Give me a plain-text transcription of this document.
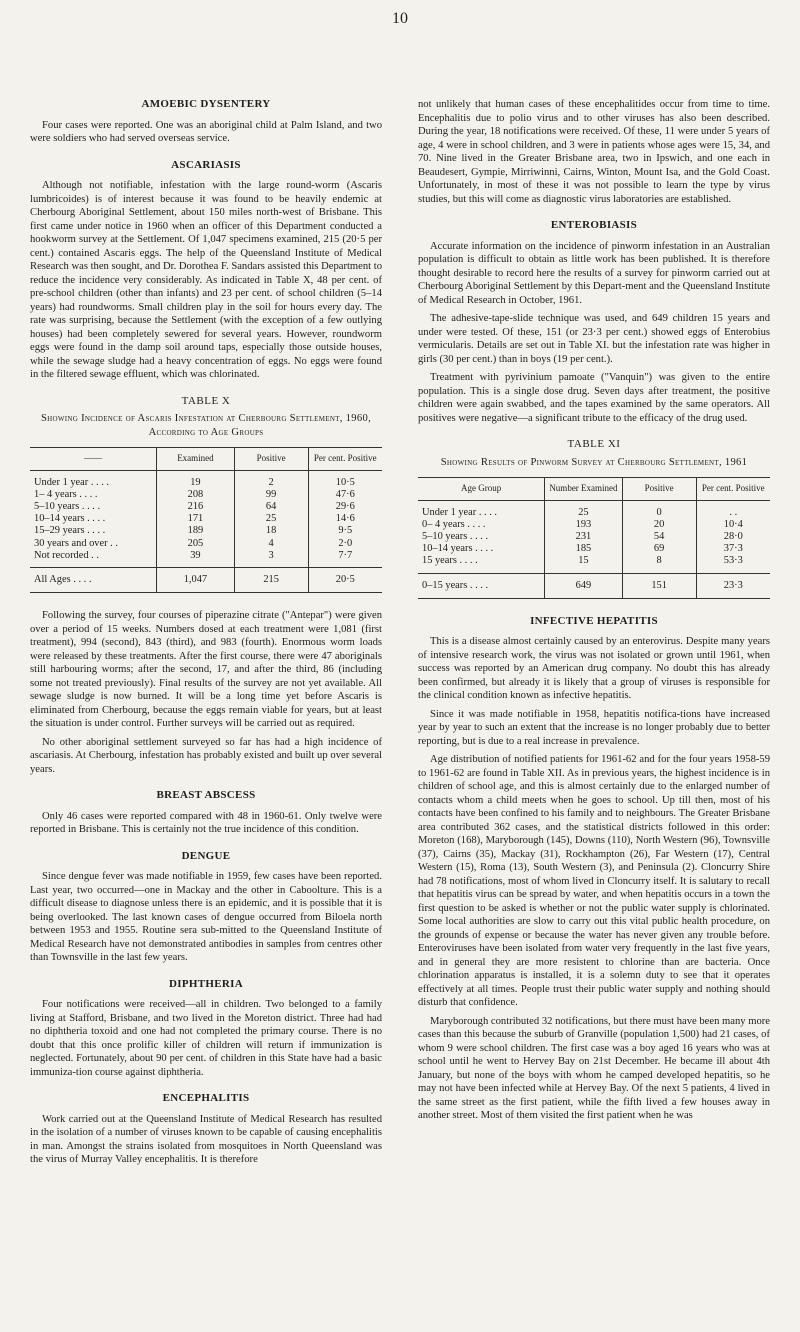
10
AMOEBIC DYSENTERY

Four cases were reported. One was an aboriginal child at Palm Island, and two were soldiers who had served overseas service.

ASCARIASIS

Although not notifiable, infestation with the large round-worm (Ascaris lumbricoides) is of interest because it was found to be heavily endemic at Cherbourg Aboriginal Settlement, about 150 miles north-west of Brisbane. This first came under notice in 1960 when an officer of this Department conducted a hookworm survey at the Settlement. Of 1,047 specimens examined, 215 (20·5 per cent.) contained Ascaris eggs. The help of the Queensland Institute of Medical Research was then sought, and Dr. Dorothea F. Sandars assisted this Department to reduce the incidence very considerably. As indicated in Table X, 48 per cent. of pre-school children (other than infants) and 23 per cent. of school children (5–14 years) had roundworms. Small children play in the soil for hours every day. The rate was surprising, because the Settlement (with the exception of a few outlying houses) had been completely sewered for several years. However, roundworm eggs were found in the damp soil around taps, especially those outside houses, while the sewage sludge had a heavy concentration of eggs. No eggs were found in the filtered sewage effluent, which was chlorinated.

TABLE X
Showing Incidence of Ascaris Infestation at Cherbourg Settlement, 1960, According to Age Groups
——	Examined	Positive	Per cent. Positive
Under 1 year . . . .	19	2	10·5
1– 4 years . . . .	208	99	47·6
5–10 years . . . .	216	64	29·6
10–14 years . . . .	171	25	14·6
15–29 years . . . .	189	18	9·5
30 years and over . .	205	4	2·0
Not recorded . .	39	3	7·7
All Ages . . . .	1,047	215	20·5

Following the survey, four courses of piperazine citrate ("Antepar") were given over a period of 15 weeks. Numbers dosed at each treatment were 1,081 (first treatment), 994 (second), 843 (third), and 983 (fourth). Enormous worm loads were released by these treatments. After the first course, there were 47 aboriginals still harbouring worms; after the second, 17, and after the third, 86 (including some not treated previously). Final results of the survey are not yet available. All sewage sludge is now burned. It will be a long time yet before Ascaris is eliminated from Cherbourg, because the eggs remain viable for years, but at least the situation is under control. Further surveys will be carried out as required.

No other aboriginal settlement surveyed so far has had a high incidence of ascariasis. At Cherbourg, infestation has probably existed and built up over several years.

BREAST ABSCESS

Only 46 cases were reported compared with 48 in 1960-61. Only twelve were reported in Brisbane. This is certainly not the true incidence of this condition.

DENGUE

Since dengue fever was made notifiable in 1959, few cases have been reported. Last year, two occurred—one in Mackay and the other in Caboolture. This is a difficult disease to diagnose unless there is an epidemic, and it is possible that it is being overlooked. The last known cases of dengue occurred from Biloela north between 1953 and 1955. Routine sera sub-mitted to the Queensland Institute of Medical Research have not demonstrated antibodies in samples from centres other than Townsville in the last few years.

DIPHTHERIA

Four notifications were received—all in children. Two belonged to a family living at Stafford, Brisbane, and two lived in the Moreton district. Three had had no diphtheria toxoid and one had not completed the primary course. There is no doubt that this once prolific killer of children will return if immunization is neglected. Fortunately, about 90 per cent. of children in this State have had a basic immuniza-tion course against diphtheria.

ENCEPHALITIS

Work carried out at the Queensland Institute of Medical Research has resulted in the isolation of a number of viruses known to be capable of causing encephalitis in man. Amongst the strains isolated from mosquitoes in North Queensland was the virus of Murray Valley encephalitis. It is therefore

not unlikely that human cases of these encephalitides occur from time to time. Encephalitis due to polio virus and to other viruses has also been described. During the year, 18 notifications were received. Of these, 11 were under 5 years of age, 4 were in school children, and 3 were in patients whose ages were 15, 34, and 70. Nine lived in the Greater Brisbane area, two in Ipswich, and one each in Beaudesert, Gympie, Mirriwinni, Cairns, Winton, Mount Isa, and the Gold Coast. Unfortunately, in most of these it was not possible to learn the type by virus studies, but this will come as diagnostic virus laboratories are established.

ENTEROBIASIS

Accurate information on the incidence of pinworm infestation in an Australian population is difficult to obtain as little work has been published. It is therefore thought desirable to record here the results of a survey for pinworm carried out at Cherbourg Aboriginal Settlement by this Depart-ment and the Queensland Institute of Medical Research in October, 1961.

The adhesive-tape-slide technique was used, and 649 children 15 years and under were tested. Of these, 151 (or 23·3 per cent.) showed eggs of Enterobius vermicularis. Details are set out in Table XI. but the infestation rate was higher in girls (30 per cent.) than in boys (19 per cent.).

Treatment with pyrivinium pamoate ("Vanquin") was given to the entire population. This is a single dose drug. Seven days after treatment, the positive children were again swabbed, and the tapes examined by the same operators. All positives were negative—a significant tribute to the efficacy of the drug used.

TABLE XI
Showing Results of Pinworm Survey at Cherbourg Settlement, 1961
Age Group	Number Examined	Positive	Per cent. Positive
Under 1 year . . . .	25	0	. .
0– 4 years . . . .	193	20	10·4
5–10 years . . . .	231	54	28·0
10–14 years . . . .	185	69	37·3
15 years . . . .	15	8	53·3
0–15 years . . . .	649	151	23·3
INFECTIVE HEPATITIS

This is a disease almost certainly caused by an enterovirus. Despite many years of intensive research work, the virus was not isolated or grown until 1961, when success was reported by an American drug company. No doubt this has already been confirmed, but already it is likely that a group of viruses is responsible for the clinical condition known as infective hepatitis.

Since it was made notifiable in 1958, hepatitis notifica-tions have increased year by year to such an extent that the increase is no longer probably due to better reporting, but is due to a real increase in prevalence.

Age distribution of notified patients for 1961-62 and for the four years 1958-59 to 1961-62 are found in Table XII. As in previous years, the highest incidence is in children of school age, and this is almost certainly due to the enlarged number of contacts whom a child meets when he goes to school. Up till then, most of his contacts have been confined to his family and to neighbours. The Greater Brisbane area contributed 362 cases, and the statistical districts followed in this order: Moreton (168), Maryborough (145), Downs (110), North Western (96), Townsville (37), Cairns (35), Mackay (31), Rockhampton (26), Far Western (17), Central Western (15), Roma (13), South Western (3), and Peninsula (2). Cloncurry Shire had 78 notifications, most of whom lived in Cloncurry itself. It is salutary to recall that hepatitis virus can be spread by water, and when hepatitis occurs in a town the first question to be asked is whether or not the public water supply is chlorinated. Some local authorities are slow to carry out this vital public health procedure, on the grounds of expense or because the water has never given any trouble before. Enteroviruses have been isolated from water very frequently in the last five years, and in general they are more resistent to chlorine than are bacteria. Once chlorination apparatus is installed, it is a solemn duty to see that it operates effectively at all times. People trust their public water supply and nothing should disturb that confidence.

Maryborough contributed 32 notifications, but there must have been many more cases than this because the suburb of Granville (population 1,500) had 21 cases, of whom 9 were school children. The first case was a boy aged 16 years who was at school until he went to Hervey Bay on 21st December. He became ill about 4th January, but none of the boys with whom he camped developed hepatitis, so he may not have been infected while at Hervey Bay. Of the next 5 patients, 4 lived in the same street as the first patient, while the fifth lived a few houses away in another street. Most of them visited the first patient when he was
